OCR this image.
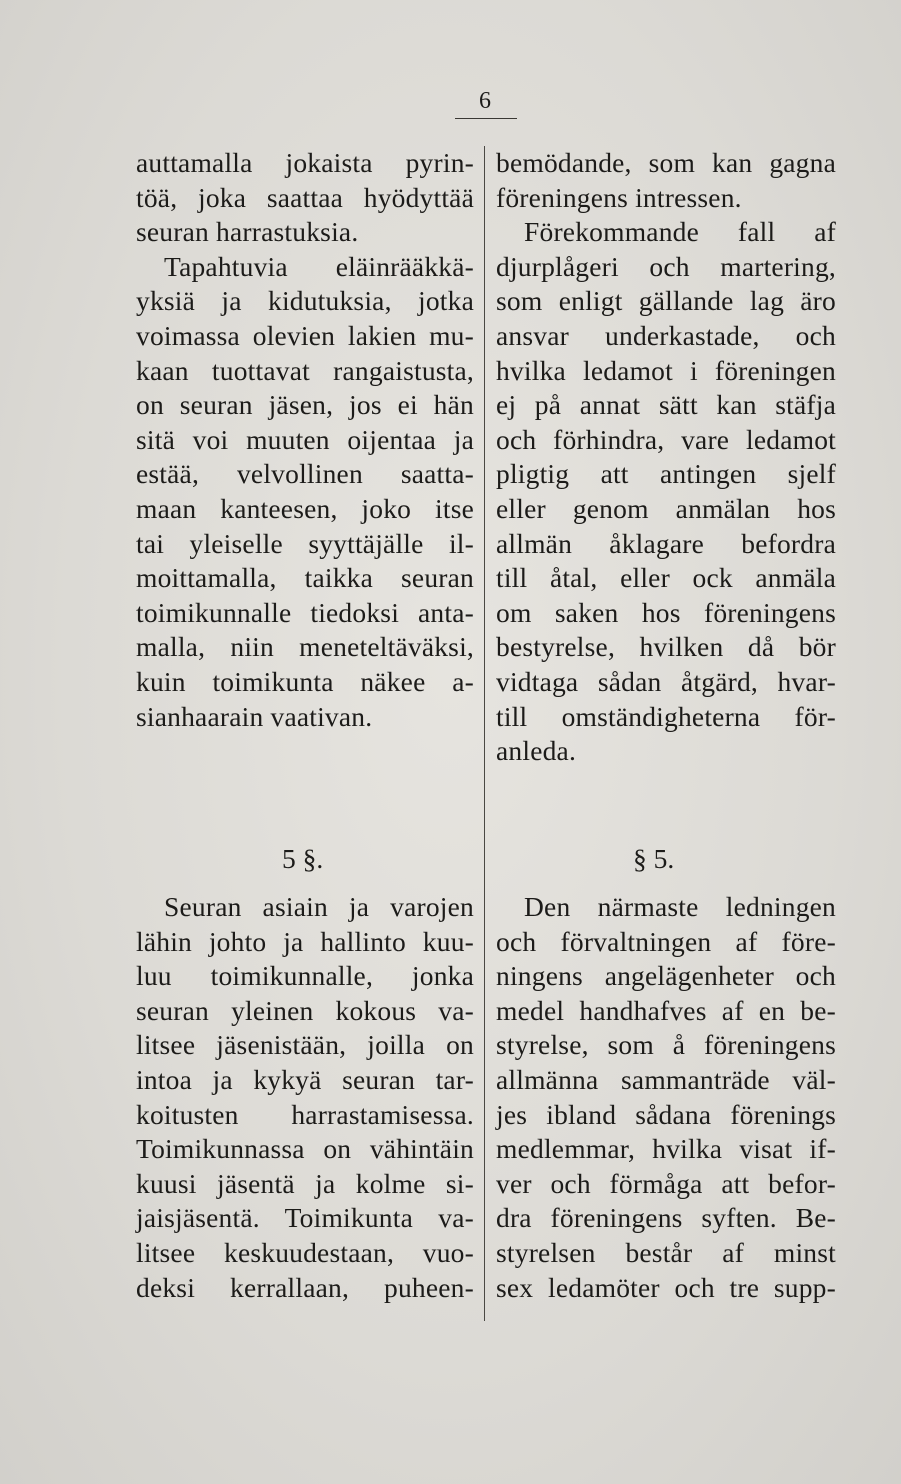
6

auttamalla jokaista pyrin-
töä, joka saattaa hyödyttää
seuran harrastuksia.
Tapahtuvia eläinrääkkä-
yksiä ja kidutuksia, jotka
voimassa olevien lakien mu-
kaan tuottavat rangaistusta,
on seuran jäsen, jos ei hän
sitä voi muuten oijentaa ja
estää, velvollinen saatta-
maan kanteesen, joko itse
tai yleiselle syyttäjälle il-
moittamalla, taikka seuran
toimikunnalle tiedoksi anta-
malla, niin meneteltäväksi,
kuin toimikunta näkee a-
sianhaarain vaativan.
5 §.
Seuran asiain ja varojen
lähin johto ja hallinto kuu-
luu toimikunnalle, jonka
seuran yleinen kokous va-
litsee jäsenistään, joilla on
intoa ja kykyä seuran tar-
koitusten harrastamisessa.
Toimikunnassa on vähintäin
kuusi jäsentä ja kolme si-
jaisjäsentä. Toimikunta va-
litsee keskuudestaan, vuo-
deksi kerrallaan, puheen-
bemödande, som kan gagna
föreningens intressen.
Förekommande fall af
djurplågeri och martering,
som enligt gällande lag äro
ansvar underkastade, och
hvilka ledamot i föreningen
ej på annat sätt kan stäfja
och förhindra, vare ledamot
pligtig att antingen sjelf
eller genom anmälan hos
allmän åklagare befordra
till åtal, eller ock anmäla
om saken hos föreningens
bestyrelse, hvilken då bör
vidtaga sådan åtgärd, hvar-
till omständigheterna för-
anleda.
§ 5.
Den närmaste ledningen
och förvaltningen af före-
ningens angelägenheter och
medel handhafves af en be-
styrelse, som å föreningens
allmänna sammanträde väl-
jes ibland sådana förenings
medlemmar, hvilka visat if-
ver och förmåga att befor-
dra föreningens syften. Be-
styrelsen består af minst
sex ledamöter och tre supp-
